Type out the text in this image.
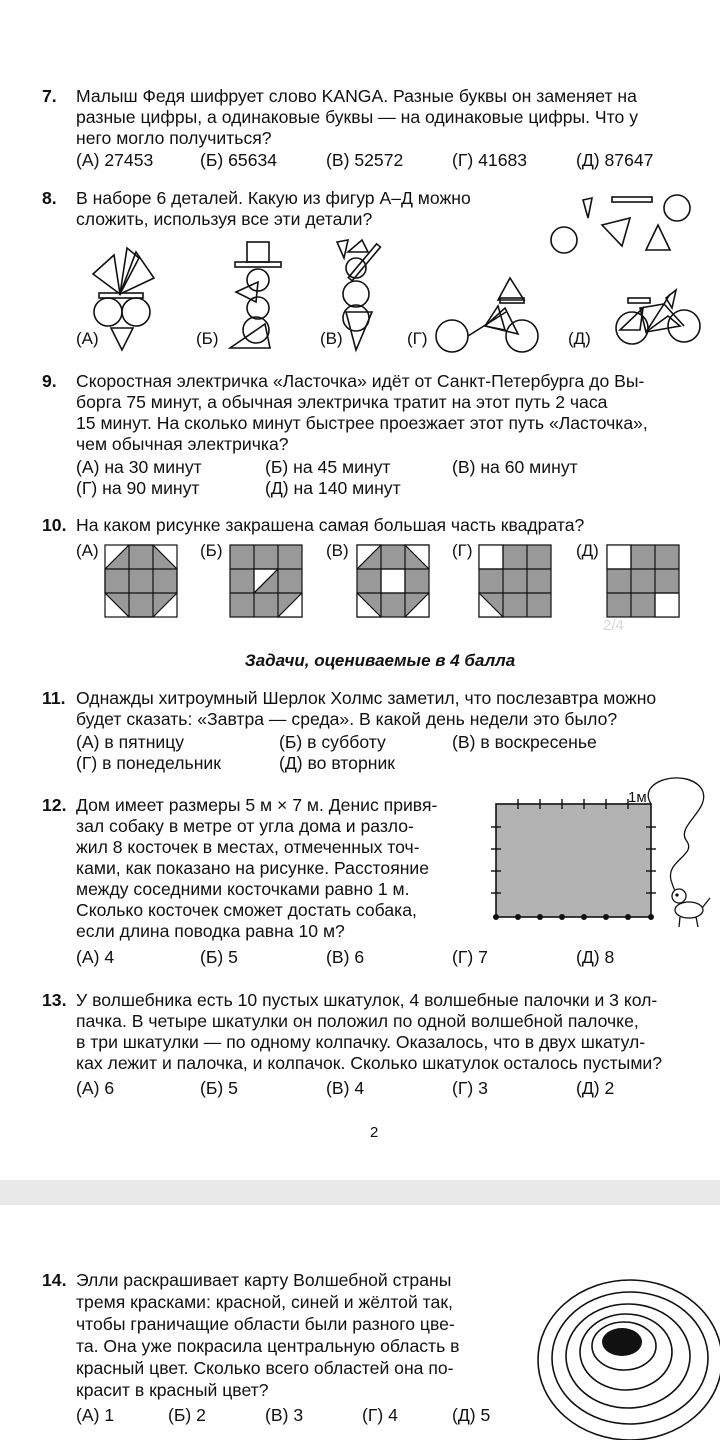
7. Малыш Федя шифрует слово KANGA. Разные буквы он заменяет на
разные цифры, а одинаковые буквы — на одинаковые цифры. Что у
него могло получиться?
(А) 27453	(Б) 65634	(В) 52572	(Г) 41683	(Д) 87647
8. В наборе 6 деталей. Какую из фигур А–Д можно
сложить, используя все эти детали?
(А)	(Б)	(В)	(Г)	(Д)
9. Скоростная электричка «Ласточка» идёт от Санкт-Петербурга до Вы-
борга 75 минут, а обычная электричка тратит на этот путь 2 часа
15 минут. На сколько минут быстрее проезжает этот путь «Ласточка»,
чем обычная электричка?
(А) на 30 минут	(Б) на 45 минут	(В) на 60 минут
(Г) на 90 минут	(Д) на 140 минут
10. На каком рисунке закрашена самая большая часть квадрата?
(А)	(Б)	(В)	(Г)	(Д)
2/4
Задачи, оцениваемые в 4 балла
11. Однажды хитроумный Шерлок Холмс заметил, что послезавтра можно
будет сказать: «Завтра — среда». В какой день недели это было?
(А) в пятницу	(Б) в субботу	(В) в воскресенье
(Г) в понедельник	(Д) во вторник
12. Дом имеет размеры 5 м × 7 м. Денис привя-
зал собаку в метре от угла дома и разло-
жил 8 косточек в местах, отмеченных точ-
ками, как показано на рисунке. Расстояние
между соседними косточками равно 1 м.
Сколько косточек сможет достать собака,
если длина поводка равна 10 м?
(А) 4	(Б) 5	(В) 6	(Г) 7	(Д) 8
1м
13. У волшебника есть 10 пустых шкатулок, 4 волшебные палочки и 3 кол-
пачка. В четыре шкатулки он положил по одной волшебной палочке,
в три шкатулки — по одному колпачку. Оказалось, что в двух шкатул-
ках лежит и палочка, и колпачок. Сколько шкатулок осталось пустыми?
(А) 6	(Б) 5	(В) 4	(Г) 3	(Д) 2
2
14. Элли раскрашивает карту Волшебной страны
тремя красками: красной, синей и жёлтой так,
чтобы граничащие области были разного цве-
та. Она уже покрасила центральную область в
красный цвет. Сколько всего областей она по-
красит в красный цвет?
(А) 1	(Б) 2	(В) 3	(Г) 4	(Д) 5
